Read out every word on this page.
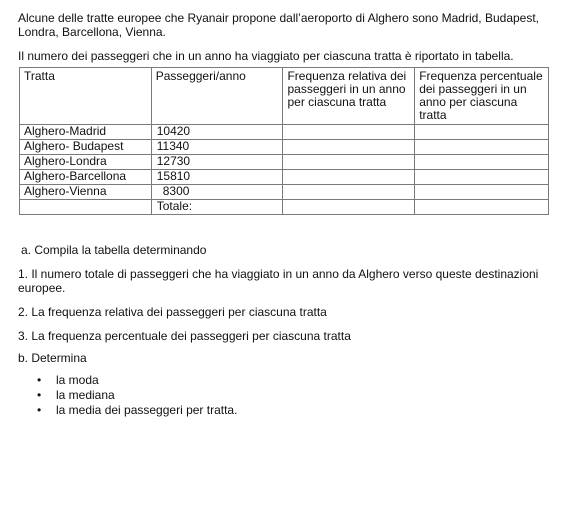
Alcune delle tratte europee che Ryanair propone dall’aeroporto di Alghero sono Madrid, Budapest, Londra, Barcellona, Vienna.

Il numero dei passeggeri che in un anno ha viaggiato per ciascuna tratta è riportato in tabella.

Tratta	Passeggeri/anno	Frequenza relativa dei passeggeri in un anno per ciascuna tratta	Frequenza percentuale dei passeggeri in un anno per ciascuna tratta
Alghero-Madrid	10420		
Alghero- Budapest	11340		
Alghero-Londra	12730		
Alghero-Barcellona	15810		
Alghero-Vienna	8300		
	Totale:		

a. Compila la tabella determinando

1. Il numero totale di passeggeri che ha viaggiato in un anno da Alghero verso queste destinazioni europee.

2. La frequenza relativa dei passeggeri per ciascuna tratta

3. La frequenza percentuale dei passeggeri per ciascuna tratta

b. Determina

• la moda
• la mediana
• la media dei passeggeri per tratta.
